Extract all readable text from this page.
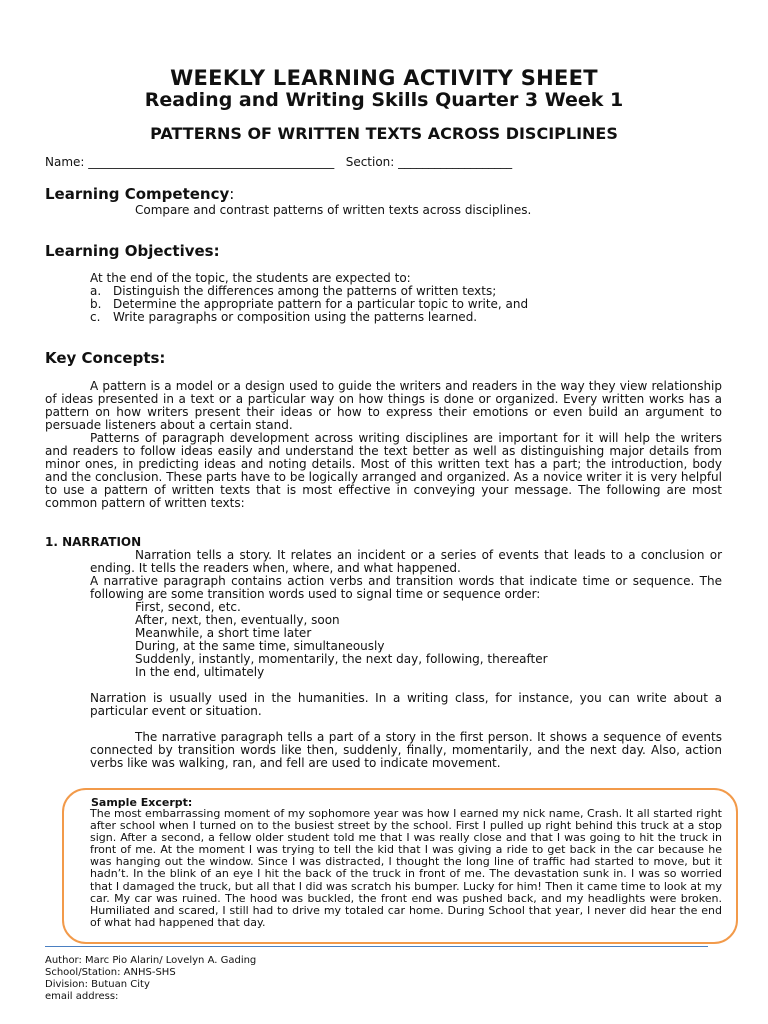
WEEKLY LEARNING ACTIVITY SHEET
Reading and Writing Skills Quarter 3 Week 1
PATTERNS OF WRITTEN TEXTS ACROSS DISCIPLINES
Name: _________________________________________   Section: ___________________
Learning Competency:
Compare and contrast patterns of written texts across disciplines.
Learning Objectives:
At the end of the topic, the students are expected to:
a. Distinguish the differences among the patterns of written texts;
b. Determine the appropriate pattern for a particular topic to write, and
c.	Write paragraphs or composition using the patterns learned.
Key Concepts:
A pattern is a model or a design used to guide the writers and readers in the way they view relationship of ideas presented in a text or a particular way on how things is done or organized. Every written works has a pattern on how writers present their ideas or how to express their emotions or even build an argument to persuade listeners about a certain stand.
Patterns of paragraph development across writing disciplines are important for it will help the writers and readers to follow ideas easily and understand the text better as well as distinguishing major details from minor ones, in predicting ideas and noting details. Most of this written text has a part; the introduction, body and the conclusion. These parts have to be logically arranged and organized. As a novice writer it is very helpful to use a pattern of written texts that is most effective in conveying your message. The following are most common pattern of written texts:
1. NARRATION
Narration tells a story. It relates an incident or a series of events that leads to a conclusion or ending. It tells the readers when, where, and what happened.
A narrative paragraph contains action verbs and transition words that indicate time or sequence. The following are some transition words used to signal time or sequence order:
First, second, etc.
After, next, then, eventually, soon
Meanwhile, a short time later
During, at the same time, simultaneously
Suddenly, instantly, momentarily, the next day, following, thereafter
In the end, ultimately
Narration is usually used in the humanities. In a writing class, for instance, you can write about a particular event or situation.
The narrative paragraph tells a part of a story in the first person. It shows a sequence of events connected by transition words like then, suddenly, finally, momentarily, and the next day. Also, action verbs like was walking, ran, and fell are used to indicate movement.
Sample Excerpt:
The most embarrassing moment of my sophomore year was how I earned my nick name, Crash. It all started right after school when I turned on to the busiest street by the school. First I pulled up right behind this truck at a stop sign. After a second, a fellow older student told me that I was really close and that I was going to hit the truck in front of me. At the moment I was trying to tell the kid that I was giving a ride to get back in the car because he was hanging out the window. Since I was distracted, I thought the long line of traffic had started to move, but it hadn’t. In the blink of an eye I hit the back of the truck in front of me. The devastation sunk in. I was so worried that I damaged the truck, but all that I did was scratch his bumper. Lucky for him! Then it came time to look at my car. My car was ruined. The hood was buckled, the front end was pushed back, and my headlights were broken. Humiliated and scared, I still had to drive my totaled car home. During School that year, I never did hear the end of what had happened that day.
Author: Marc Pio Alarin/ Lovelyn A. Gading
School/Station: ANHS-SHS
Division: Butuan City
email address:
